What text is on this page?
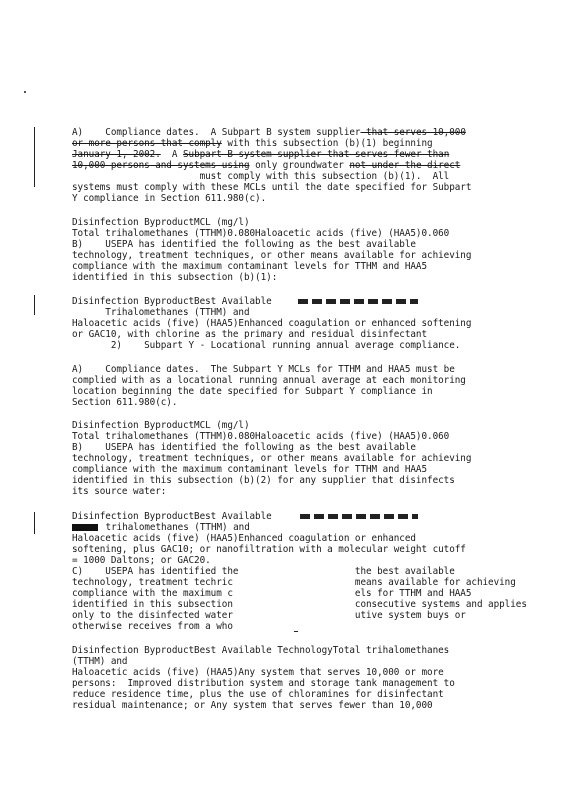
A)    Compliance dates.  A Subpart B system supplier that serves 10,000
or more persons that comply with this subsection (b)(1) beginning
January 1, 2002.  A Subpart B system supplier that serves fewer than
10,000 persons and systems using only groundwater not under the direct
must comply with this subsection (b)(1).  All
systems must comply with these MCLs until the date specified for Subpart
Y compliance in Section 611.980(c).
Disinfection ByproductMCL (mg/l)
Total trihalomethanes (TTHM)0.080Haloacetic acids (five) (HAA5)0.060
B)    USEPA has identified the following as the best available
technology, treatment techniques, or other means available for achieving
compliance with the maximum contaminant levels for TTHM and HAA5
identified in this subsection (b)(1):
Disinfection ByproductBest Available
Trihalomethanes (TTHM) and
Haloacetic acids (five) (HAA5)Enhanced coagulation or enhanced softening
or GAC10, with chlorine as the primary and residual disinfectant
2)    Subpart Y - Locational running annual average compliance.
A)    Compliance dates.  The Subpart Y MCLs for TTHM and HAA5 must be
complied with as a locational running annual average at each monitoring
location beginning the date specified for Subpart Y compliance in
Section 611.980(c).
Disinfection ByproductMCL (mg/l)
Total trihalomethanes (TTHM)0.080Haloacetic acids (five) (HAA5)0.060
B)    USEPA has identified the following as the best available
technology, treatment techniques, or other means available for achieving
compliance with the maximum contaminant levels for TTHM and HAA5
identified in this subsection (b)(2) for any supplier that disinfects
its source water:
Disinfection ByproductBest Available
trihalomethanes (TTHM) and
Haloacetic acids (five) (HAA5)Enhanced coagulation or enhanced
softening, plus GAC10; or nanofiltration with a molecular weight cutoff
= 1000 Daltons; or GAC20.
C)    USEPA has identified the                     the best available
technology, treatment techric                      means available for achieving
compliance with the maximum c                      els for TTHM and HAA5
identified in this subsection                      consecutive systems and applies
only to the disinfected water                      utive system buys or
otherwise receives from a who
Disinfection ByproductBest Available TechnologyTotal trihalomethanes
(TTHM) and
Haloacetic acids (five) (HAA5)Any system that serves 10,000 or more
persons:  Improved distribution system and storage tank management to
reduce residence time, plus the use of chloramines for disinfectant
residual maintenance; or Any system that serves fewer than 10,000
